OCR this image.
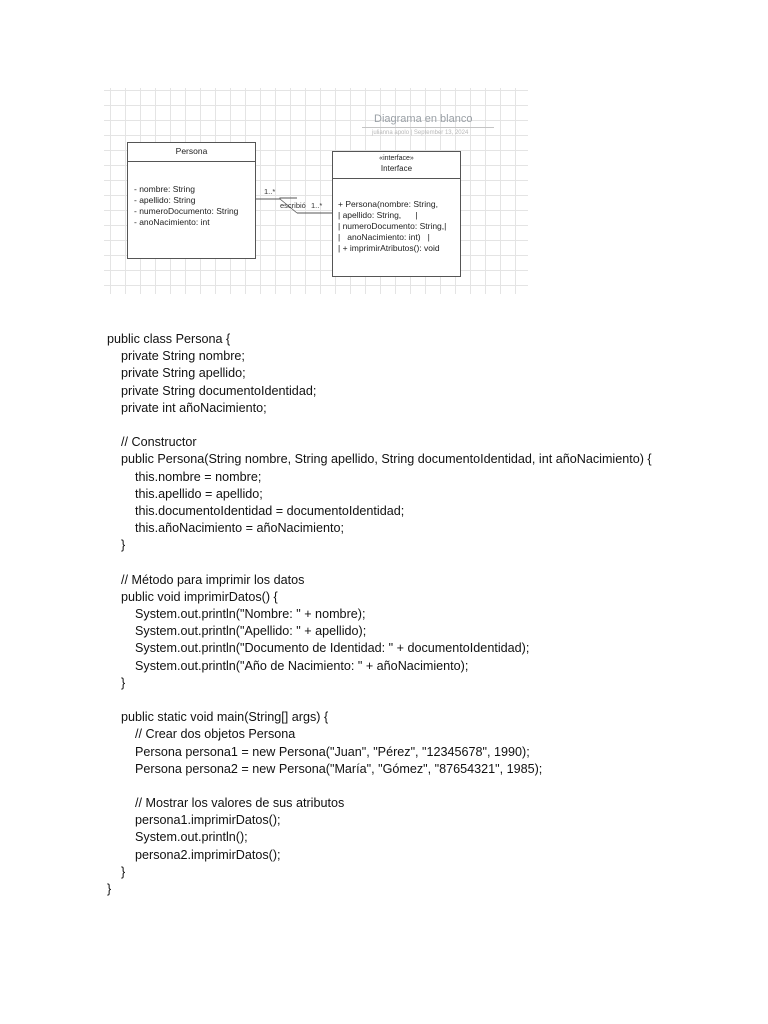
Diagrama en blanco
julianna apolo | September 13, 2024
1..*
escribió 1..*
Persona
- nombre: String
- apellido: String
- numeroDocumento: String
- anoNacimiento: int
«interface»
Interface
+ Persona(nombre: String,
| apellido: String,      |
| numeroDocumento: String,|
|   anoNacimiento: int)   |
| + imprimirAtributos(): void
public class Persona {
private String nombre;
private String apellido;
private String documentoIdentidad;
private int añoNacimiento;
// Constructor
public Persona(String nombre, String apellido, String documentoIdentidad, int añoNacimiento) {
this.nombre = nombre;
this.apellido = apellido;
this.documentoIdentidad = documentoIdentidad;
this.añoNacimiento = añoNacimiento;
}
// Método para imprimir los datos
public void imprimirDatos() {
System.out.println("Nombre: " + nombre);
System.out.println("Apellido: " + apellido);
System.out.println("Documento de Identidad: " + documentoIdentidad);
System.out.println("Año de Nacimiento: " + añoNacimiento);
}
public static void main(String[] args) {
// Crear dos objetos Persona
Persona persona1 = new Persona("Juan", "Pérez", "12345678", 1990);
Persona persona2 = new Persona("María", "Gómez", "87654321", 1985);
// Mostrar los valores de sus atributos
persona1.imprimirDatos();
System.out.println();
persona2.imprimirDatos();
}
}
